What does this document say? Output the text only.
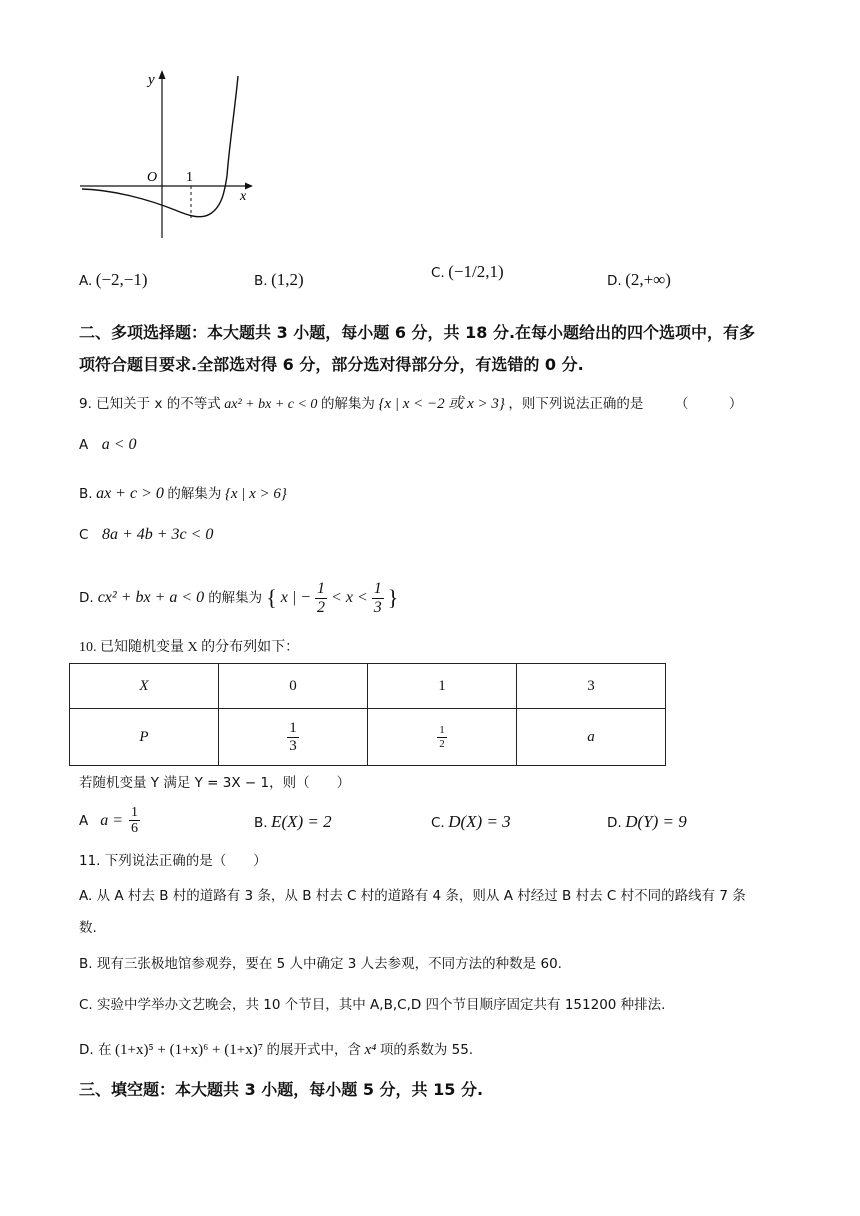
y
O 1
x
A. (−2,−1)	B. (1,2)	C. (−1/2,1)	D. (2,+∞)
二、多项选择题：本大题共 3 小题，每小题 6 分，共 18 分.在每小题给出的四个选项中，有多
项符合题目要求.全部选对得 6 分，部分选对得部分分，有选错的 0 分.
9. 已知关于 x 的不等式 ax² + bx + c < 0 的解集为 {x | x < −2 或 x > 3} ，则下列说法正确的是 （　　　）
A a < 0
B. ax + c > 0 的解集为 {x | x > 6}
C 8a + 4b + 3c < 0
D. cx² + bx + a < 0 的解集为 { x | − $\frac{1}{2} < x < \frac{1}{3}$ }
10. 已知随机变量 X 的分布列如下：
X	0	1	3
P	$\frac{1}{3}$	$\frac{1}{2}$	a
若随机变量 Y 满足 Y = 3X − 1，则（　　）
A $a = \frac{1}{6}$	B. E(X) = 2	C. D(X) = 3	D. D(Y) = 9
11. 下列说法正确的是（　　）
A. 从 A 村去 B 村的道路有 3 条，从 B 村去 C 村的道路有 4 条，则从 A 村经过 B 村去 C 村不同的路线有 7 条
数.
B. 现有三张极地馆参观券，要在 5 人中确定 3 人去参观，不同方法的种数是 60.
C. 实验中学举办文艺晚会，共 10 个节目，其中 A,B,C,D 四个节目顺序固定共有 151200 种排法.
D. 在 (1+x)⁵ + (1+x)⁶ + (1+x)⁷ 的展开式中，含 x⁴ 项的系数为 55.
三、填空题：本大题共 3 小题，每小题 5 分，共 15 分.
